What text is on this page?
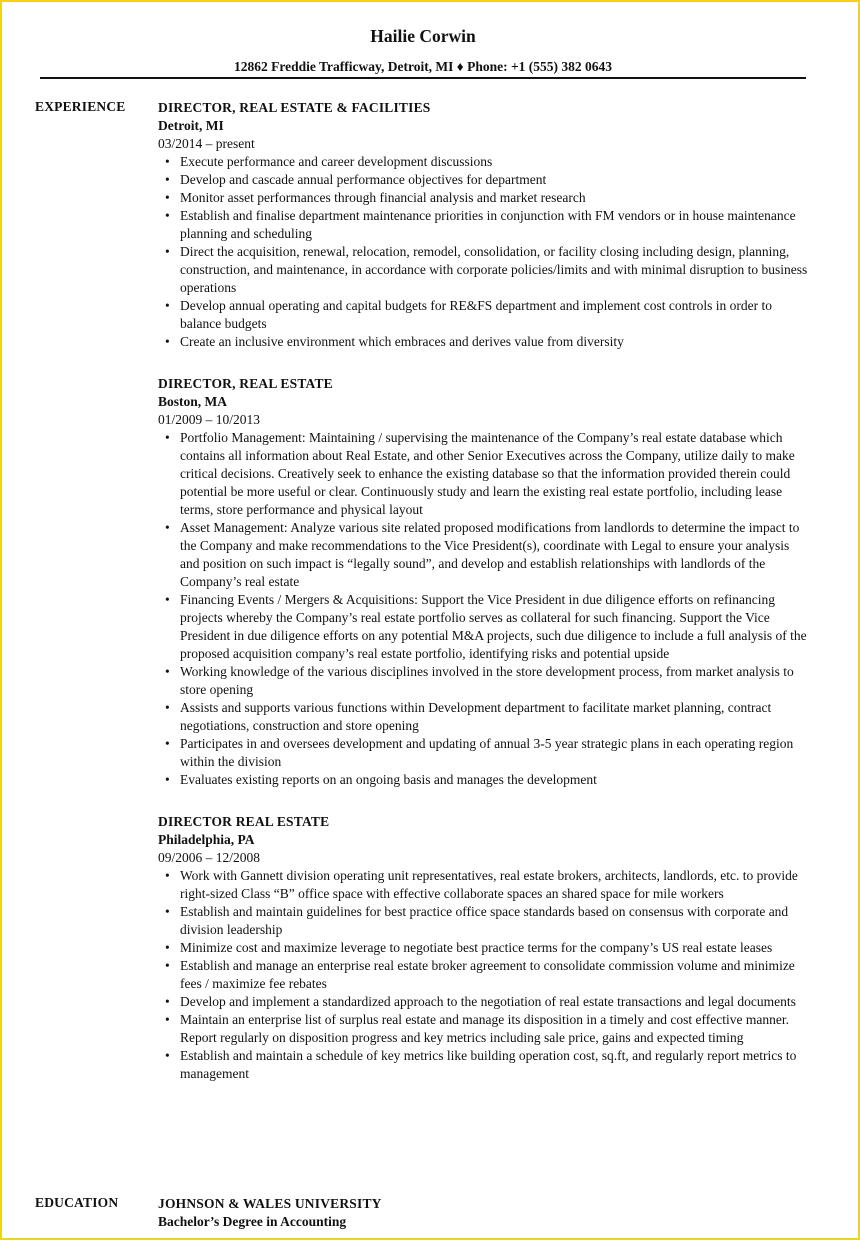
Hailie Corwin
12862 Freddie Trafficway, Detroit, MI ♦ Phone: +1 (555) 382 0643
EXPERIENCE DIRECTOR, REAL ESTATE & FACILITIES
Detroit, MI
03/2014 – present
• Execute performance and career development discussions
• Develop and cascade annual performance objectives for department
• Monitor asset performances through financial analysis and market research
• Establish and finalise department maintenance priorities in conjunction with FM vendors or in house maintenance planning and scheduling
• Direct the acquisition, renewal, relocation, remodel, consolidation, or facility closing including design, planning, construction, and maintenance, in accordance with corporate policies/limits and with minimal disruption to business operations
• Develop annual operating and capital budgets for RE&FS department and implement cost controls in order to balance budgets
• Create an inclusive environment which embraces and derives value from diversity
DIRECTOR, REAL ESTATE
Boston, MA
01/2009 – 10/2013
• Portfolio Management: Maintaining / supervising the maintenance of the Company’s real estate database which contains all information about Real Estate, and other Senior Executives across the Company, utilize daily to make critical decisions. Creatively seek to enhance the existing database so that the information provided therein could potential be more useful or clear. Continuously study and learn the existing real estate portfolio, including lease terms, store performance and physical layout
• Asset Management: Analyze various site related proposed modifications from landlords to determine the impact to the Company and make recommendations to the Vice President(s), coordinate with Legal to ensure your analysis and position on such impact is “legally sound”, and develop and establish relationships with landlords of the Company’s real estate
• Financing Events / Mergers & Acquisitions: Support the Vice President in due diligence efforts on refinancing projects whereby the Company’s real estate portfolio serves as collateral for such financing. Support the Vice President in due diligence efforts on any potential M&A projects, such due diligence to include a full analysis of the proposed acquisition company’s real estate portfolio, identifying risks and potential upside
• Working knowledge of the various disciplines involved in the store development process, from market analysis to store opening
• Assists and supports various functions within Development department to facilitate market planning, contract negotiations, construction and store opening
• Participates in and oversees development and updating of annual 3-5 year strategic plans in each operating region within the division
• Evaluates existing reports on an ongoing basis and manages the development
DIRECTOR REAL ESTATE
Philadelphia, PA
09/2006 – 12/2008
• Work with Gannett division operating unit representatives, real estate brokers, architects, landlords, etc. to provide right-sized Class “B” office space with effective collaborate spaces an shared space for mile workers
• Establish and maintain guidelines for best practice office space standards based on consensus with corporate and division leadership
• Minimize cost and maximize leverage to negotiate best practice terms for the company’s US real estate leases
• Establish and manage an enterprise real estate broker agreement to consolidate commission volume and minimize fees / maximize fee rebates
• Develop and implement a standardized approach to the negotiation of real estate transactions and legal documents
• Maintain an enterprise list of surplus real estate and manage its disposition in a timely and cost effective manner. Report regularly on disposition progress and key metrics including sale price, gains and expected timing
• Establish and maintain a schedule of key metrics like building operation cost, sq.ft, and regularly report metrics to management
EDUCATION	JOHNSON & WALES UNIVERSITY
Bachelor’s Degree in Accounting
